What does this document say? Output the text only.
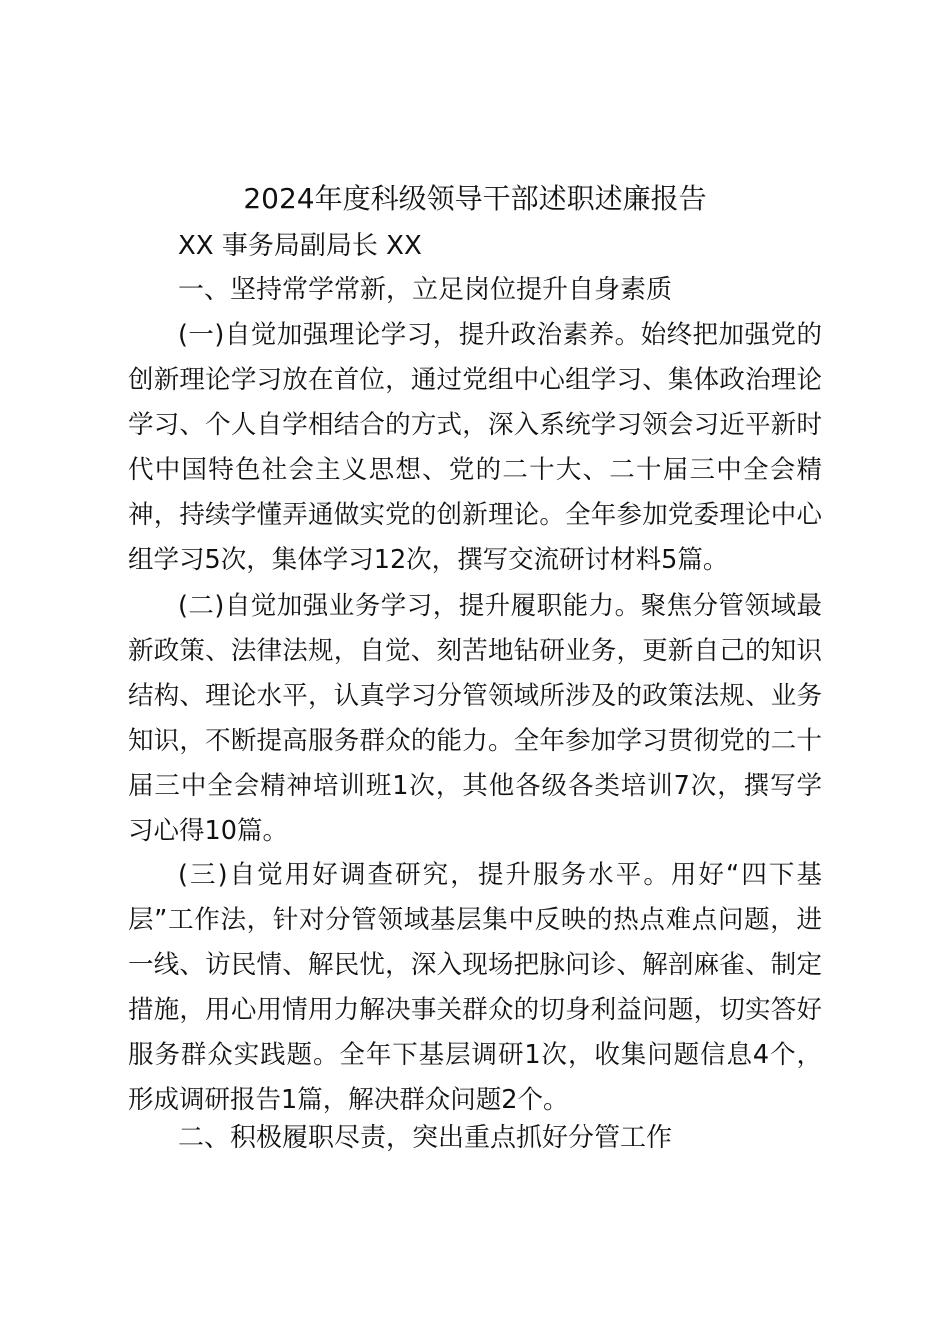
2024年度科级领导干部述职述廉报告
XX 事务局副局长 XX
一、坚持常学常新，立足岗位提升自身素质

(一)自觉加强理论学习，提升政治素养。始终把加强党的创新理论学习放在首位，通过党组中心组学习、集体政治理论学习、个人自学相结合的方式，深入系统学习领会习近平新时代中国特色社会主义思想、党的二十大、二十届三中全会精神，持续学懂弄通做实党的创新理论。全年参加党委理论中心组学习5次，集体学习12次，撰写交流研讨材料5篇。

(二)自觉加强业务学习，提升履职能力。聚焦分管领域最新政策、法律法规，自觉、刻苦地钻研业务，更新自己的知识结构、理论水平，认真学习分管领域所涉及的政策法规、业务知识，不断提高服务群众的能力。全年参加学习贯彻党的二十届三中全会精神培训班1次，其他各级各类培训7次，撰写学习心得10篇。

(三)自觉用好调查研究，提升服务水平。用好“四下基层”工作法，针对分管领域基层集中反映的热点难点问题，进一线、访民情、解民忧，深入现场把脉问诊、解剖麻雀、制定措施，用心用情用力解决事关群众的切身利益问题，切实答好服务群众实践题。全年下基层调研1次，收集问题信息4个，形成调研报告1篇，解决群众问题2个。

二、积极履职尽责，突出重点抓好分管工作
